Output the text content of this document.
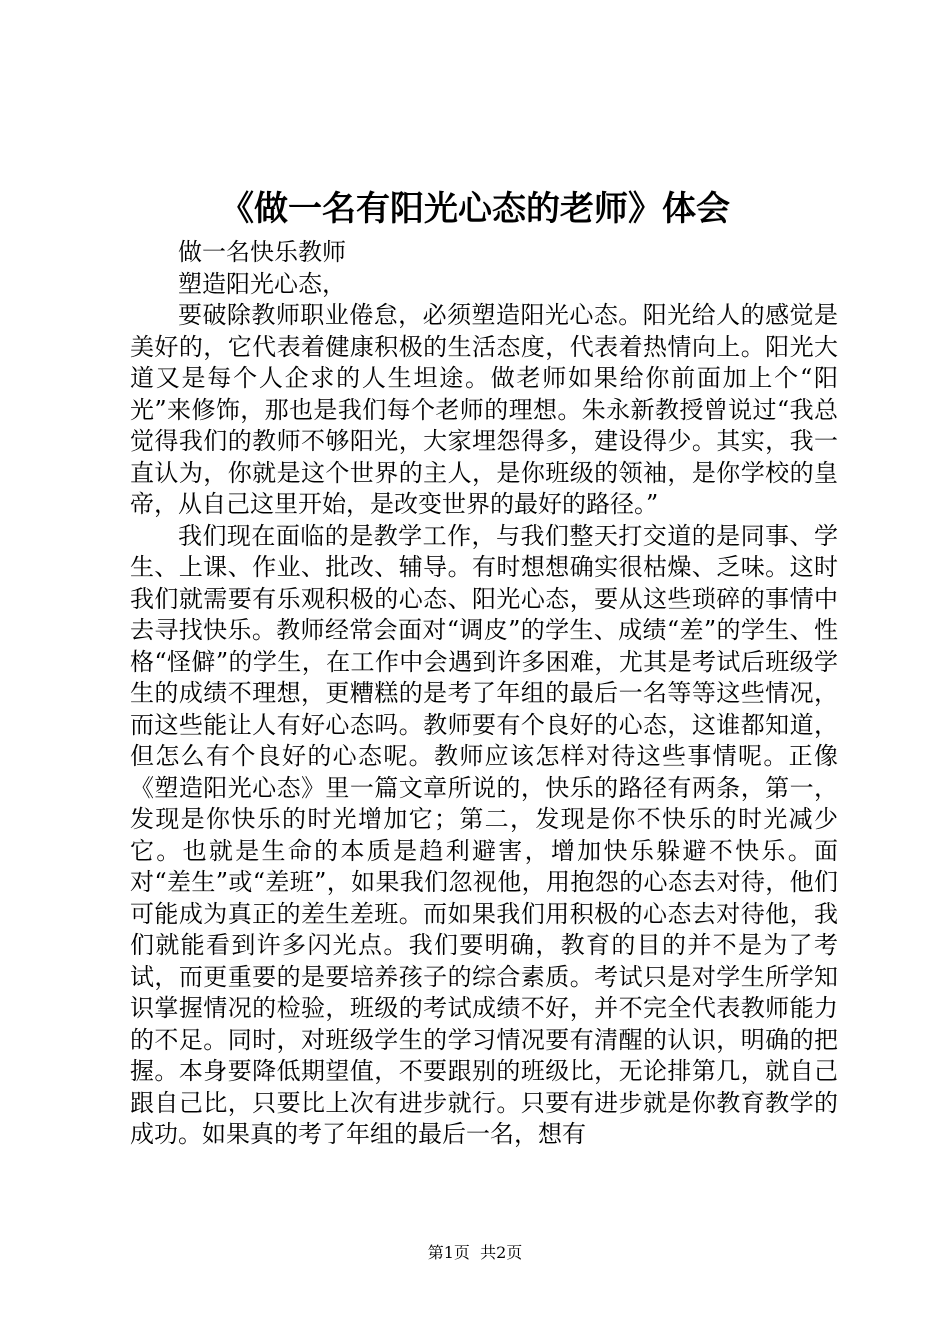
《做一名有阳光心态的老师》体会

做一名快乐教师

塑造阳光心态，

要破除教师职业倦怠，必须塑造阳光心态。阳光给人的感觉是美好的，它代表着健康积极的生活态度，代表着热情向上。阳光大道又是每个人企求的人生坦途。做老师如果给你前面加上个“阳光”来修饰，那也是我们每个老师的理想。朱永新教授曾说过“我总觉得我们的教师不够阳光，大家埋怨得多，建设得少。其实，我一直认为，你就是这个世界的主人，是你班级的领袖，是你学校的皇帝，从自己这里开始，是改变世界的最好的路径。”

我们现在面临的是教学工作，与我们整天打交道的是同事、学生、上课、作业、批改、辅导。有时想想确实很枯燥、乏味。这时我们就需要有乐观积极的心态、阳光心态，要从这些琐碎的事情中去寻找快乐。教师经常会面对“调皮”的学生、成绩“差”的学生、性格“怪僻”的学生，在工作中会遇到许多困难，尤其是考试后班级学生的成绩不理想，更糟糕的是考了年组的最后一名等等这些情况，而这些能让人有好心态吗。教师要有个良好的心态，这谁都知道，但怎么有个良好的心态呢。教师应该怎样对待这些事情呢。正像《塑造阳光心态》里一篇文章所说的，快乐的路径有两条，第一，发现是你快乐的时光增加它；第二，发现是你不快乐的时光减少它。也就是生命的本质是趋利避害，增加快乐躲避不快乐。面对“差生”或“差班”，如果我们忽视他，用抱怨的心态去对待，他们可能成为真正的差生差班。而如果我们用积极的心态去对待他，我们就能看到许多闪光点。我们要明确，教育的目的并不是为了考试，而更重要的是要培养孩子的综合素质。考试只是对学生所学知识掌握情况的检验，班级的考试成绩不好，并不完全代表教师能力的不足。同时，对班级学生的学习情况要有清醒的认识，明确的把握。本身要降低期望值，不要跟别的班级比，无论排第几，就自己跟自己比，只要比上次有进步就行。只要有进步就是你教育教学的成功。如果真的考了年组的最后一名，想有

第1页  共2页
